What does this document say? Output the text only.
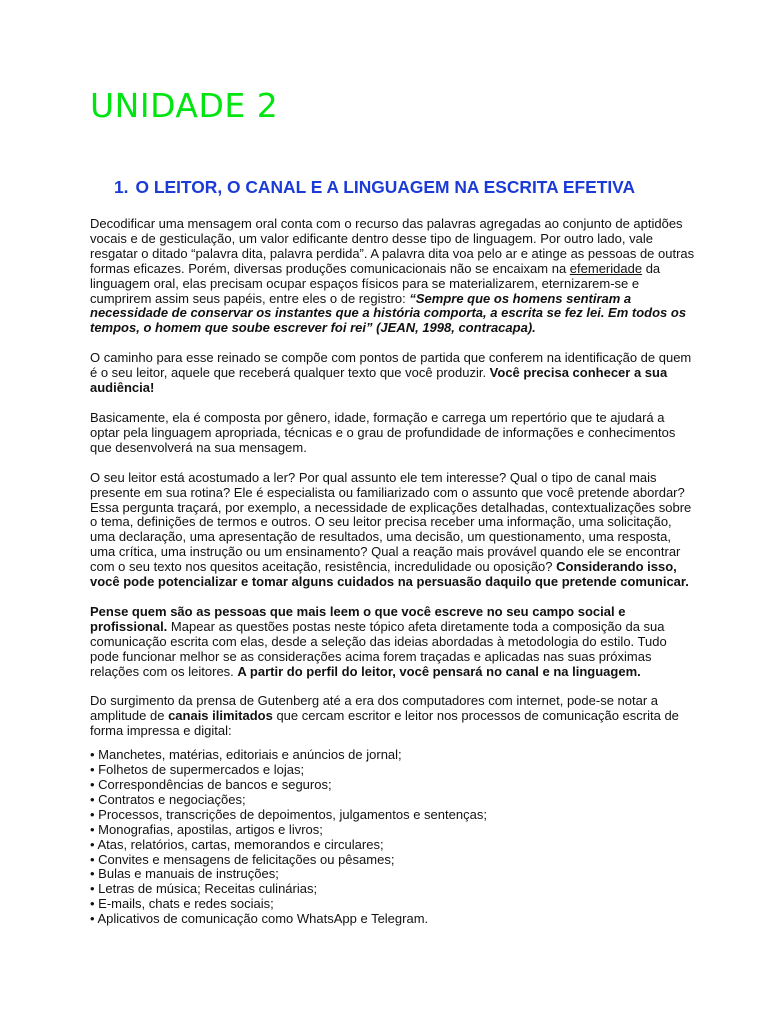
UNIDADE 2
1. O LEITOR, O CANAL E A LINGUAGEM NA ESCRITA EFETIVA

Decodificar uma mensagem oral conta com o recurso das palavras agregadas ao conjunto de aptidões vocais e de gesticulação, um valor edificante dentro desse tipo de linguagem. Por outro lado, vale resgatar o ditado “palavra dita, palavra perdida”. A palavra dita voa pelo ar e atinge as pessoas de outras formas eficazes. Porém, diversas produções comunicacionais não se encaixam na efemeridade da linguagem oral, elas precisam ocupar espaços físicos para se materializarem, eternizarem-se e cumprirem assim seus papéis, entre eles o de registro: “Sempre que os homens sentiram a necessidade de conservar os instantes que a história comporta, a escrita se fez lei. Em todos os tempos, o homem que soube escrever foi rei” (JEAN, 1998, contracapa).

O caminho para esse reinado se compõe com pontos de partida que conferem na identificação de quem é o seu leitor, aquele que receberá qualquer texto que você produzir. Você precisa conhecer a sua audiência!

Basicamente, ela é composta por gênero, idade, formação e carrega um repertório que te ajudará a optar pela linguagem apropriada, técnicas e o grau de profundidade de informações e conhecimentos que desenvolverá na sua mensagem.

O seu leitor está acostumado a ler? Por qual assunto ele tem interesse? Qual o tipo de canal mais presente em sua rotina? Ele é especialista ou familiarizado com o assunto que você pretende abordar? Essa pergunta traçará, por exemplo, a necessidade de explicações detalhadas, contextualizações sobre o tema, definições de termos e outros. O seu leitor precisa receber uma informação, uma solicitação, uma declaração, uma apresentação de resultados, uma decisão, um questionamento, uma resposta, uma crítica, uma instrução ou um ensinamento? Qual a reação mais provável quando ele se encontrar com o seu texto nos quesitos aceitação, resistência, incredulidade ou oposição? Considerando isso, você pode potencializar e tomar alguns cuidados na persuasão daquilo que pretende comunicar.

Pense quem são as pessoas que mais leem o que você escreve no seu campo social e profissional. Mapear as questões postas neste tópico afeta diretamente toda a composição da sua comunicação escrita com elas, desde a seleção das ideias abordadas à metodologia do estilo. Tudo pode funcionar melhor se as considerações acima forem traçadas e aplicadas nas suas próximas relações com os leitores. A partir do perfil do leitor, você pensará no canal e na linguagem.

Do surgimento da prensa de Gutenberg até a era dos computadores com internet, pode-se notar a amplitude de canais ilimitados que cercam escritor e leitor nos processos de comunicação escrita de forma impressa e digital:

• Manchetes, matérias, editoriais e anúncios de jornal;
• Folhetos de supermercados e lojas;
• Correspondências de bancos e seguros;
• Contratos e negociações;
• Processos, transcrições de depoimentos, julgamentos e sentenças;
• Monografias, apostilas, artigos e livros;
• Atas, relatórios, cartas, memorandos e circulares;
• Convites e mensagens de felicitações ou pêsames;
• Bulas e manuais de instruções;
• Letras de música; Receitas culinárias;
• E-mails, chats e redes sociais;
• Aplicativos de comunicação como WhatsApp e Telegram.
